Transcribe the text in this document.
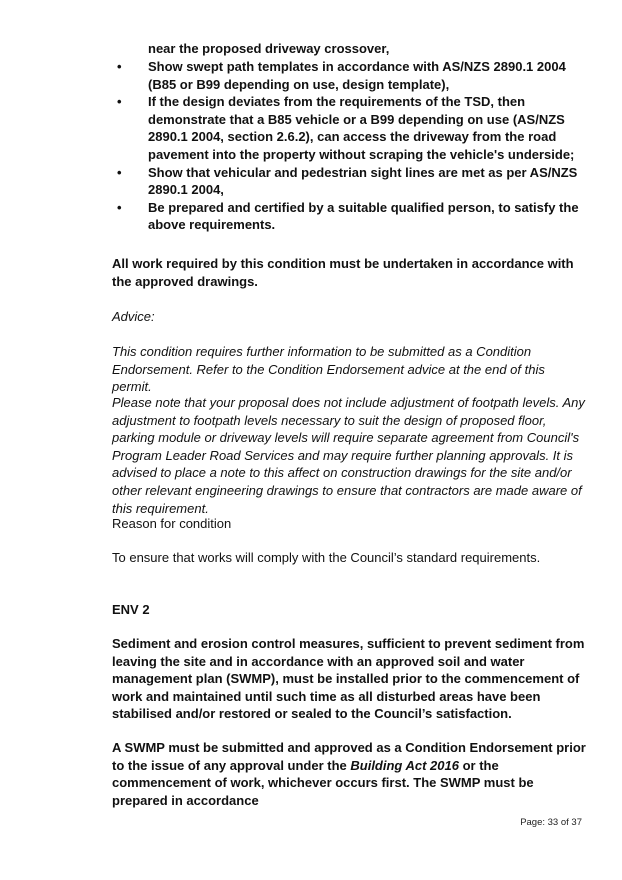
near the proposed driveway crossover,
• Show swept path templates in accordance with AS/NZS 2890.1 2004 (B85 or B99 depending on use, design template),
• If the design deviates from the requirements of the TSD, then demonstrate that a B85 vehicle or a B99 depending on use (AS/NZS 2890.1 2004, section 2.6.2), can access the driveway from the road pavement into the property without scraping the vehicle's underside;
• Show that vehicular and pedestrian sight lines are met as per AS/NZS 2890.1 2004,
• Be prepared and certified by a suitable qualified person, to satisfy the above requirements.
All work required by this condition must be undertaken in accordance with the approved drawings.
Advice:
This condition requires further information to be submitted as a Condition Endorsement. Refer to the Condition Endorsement advice at the end of this permit.
Please note that your proposal does not include adjustment of footpath levels. Any adjustment to footpath levels necessary to suit the design of proposed floor, parking module or driveway levels will require separate agreement from Council's Program Leader Road Services and may require further planning approvals. It is advised to place a note to this affect on construction drawings for the site and/or other relevant engineering drawings to ensure that contractors are made aware of this requirement.
Reason for condition
To ensure that works will comply with the Council’s standard requirements.
ENV 2
Sediment and erosion control measures, sufficient to prevent sediment from leaving the site and in accordance with an approved soil and water management plan (SWMP), must be installed prior to the commencement of work and maintained until such time as all disturbed areas have been stabilised and/or restored or sealed to the Council’s satisfaction.
A SWMP must be submitted and approved as a Condition Endorsement prior to the issue of any approval under the Building Act 2016 or the commencement of work, whichever occurs first. The SWMP must be prepared in accordance
Page: 33 of 37
